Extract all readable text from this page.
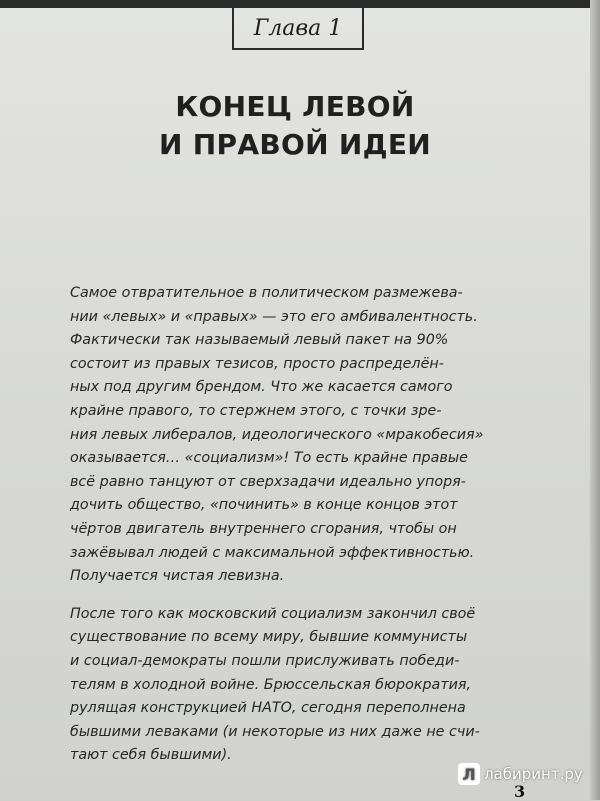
Глава 1
КОНЕЦ ЛЕВОЙ
И ПРАВОЙ ИДЕИ
Самое отвратительное в политическом размежева-
нии «левых» и «правых» — это его амбивалентность.
Фактически так называемый левый пакет на 90%
состоит из правых тезисов, просто распределён-
ных под другим брендом. Что же касается самого
крайне правого, то стержнем этого, с точки зре-
ния левых либералов, идеологического «мракобесия»
оказывается… «социализм»! То есть крайне правые
всё равно танцуют от сверхзадачи идеально упоря-
дочить общество, «починить» в конце концов этот
чёртов двигатель внутреннего сгорания, чтобы он
зажёвывал людей с максимальной эффективностью.
Получается чистая левизна.
После того как московский социализм закончил своё
существование по всему миру, бывшие коммунисты
и социал-демократы пошли прислуживать победи-
телям в холодной войне. Брюссельская бюрократия,
рулящая конструкцией НАТО, сегодня переполнена
бывшими леваками (и некоторые из них даже не счи-
тают себя бывшими).
3
Л лабиринт.ру
